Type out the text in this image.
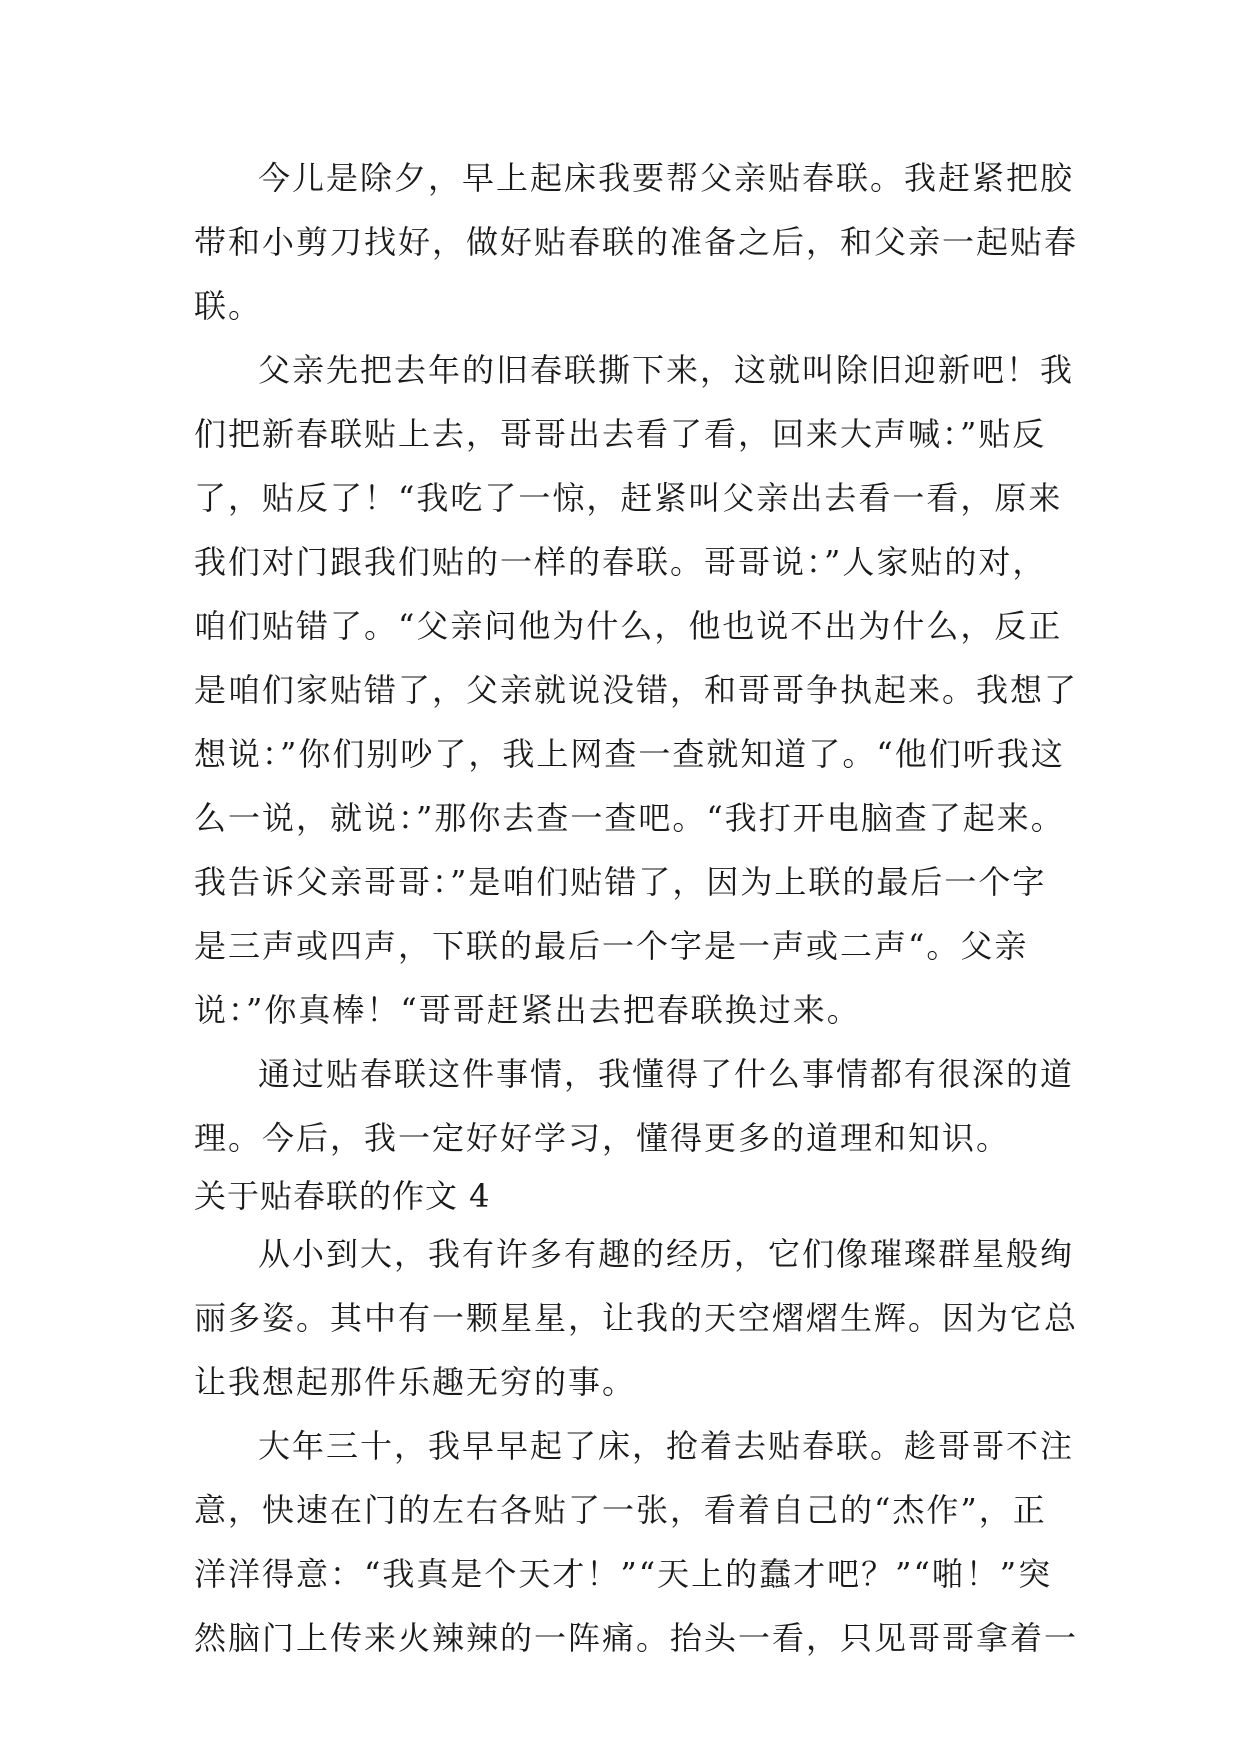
今儿是除夕，早上起床我要帮父亲贴春联。我赶紧把胶
带和小剪刀找好，做好贴春联的准备之后，和父亲一起贴春
联。
父亲先把去年的旧春联撕下来，这就叫除旧迎新吧！我
们把新春联贴上去，哥哥出去看了看，回来大声喊：”贴反
了，贴反了！“我吃了一惊，赶紧叫父亲出去看一看，原来
我们对门跟我们贴的一样的春联。哥哥说：”人家贴的对，
咱们贴错了。“父亲问他为什么，他也说不出为什么，反正
是咱们家贴错了，父亲就说没错，和哥哥争执起来。我想了
想说：”你们别吵了，我上网查一查就知道了。“他们听我这
么一说，就说：”那你去查一查吧。“我打开电脑查了起来。
我告诉父亲哥哥：”是咱们贴错了，因为上联的最后一个字
是三声或四声，下联的最后一个字是一声或二声“。父亲
说：”你真棒！“哥哥赶紧出去把春联换过来。
通过贴春联这件事情，我懂得了什么事情都有很深的道
理。今后，我一定好好学习，懂得更多的道理和知识。
关于贴春联的作文 4
从小到大，我有许多有趣的经历，它们像璀璨群星般绚
丽多姿。其中有一颗星星，让我的天空熠熠生辉。因为它总
让我想起那件乐趣无穷的事。
大年三十，我早早起了床，抢着去贴春联。趁哥哥不注
意，快速在门的左右各贴了一张，看着自己的“杰作”，正
洋洋得意：“我真是个天才！”“天上的蠢才吧？”“啪！”突
然脑门上传来火辣辣的一阵痛。抬头一看，只见哥哥拿着一
